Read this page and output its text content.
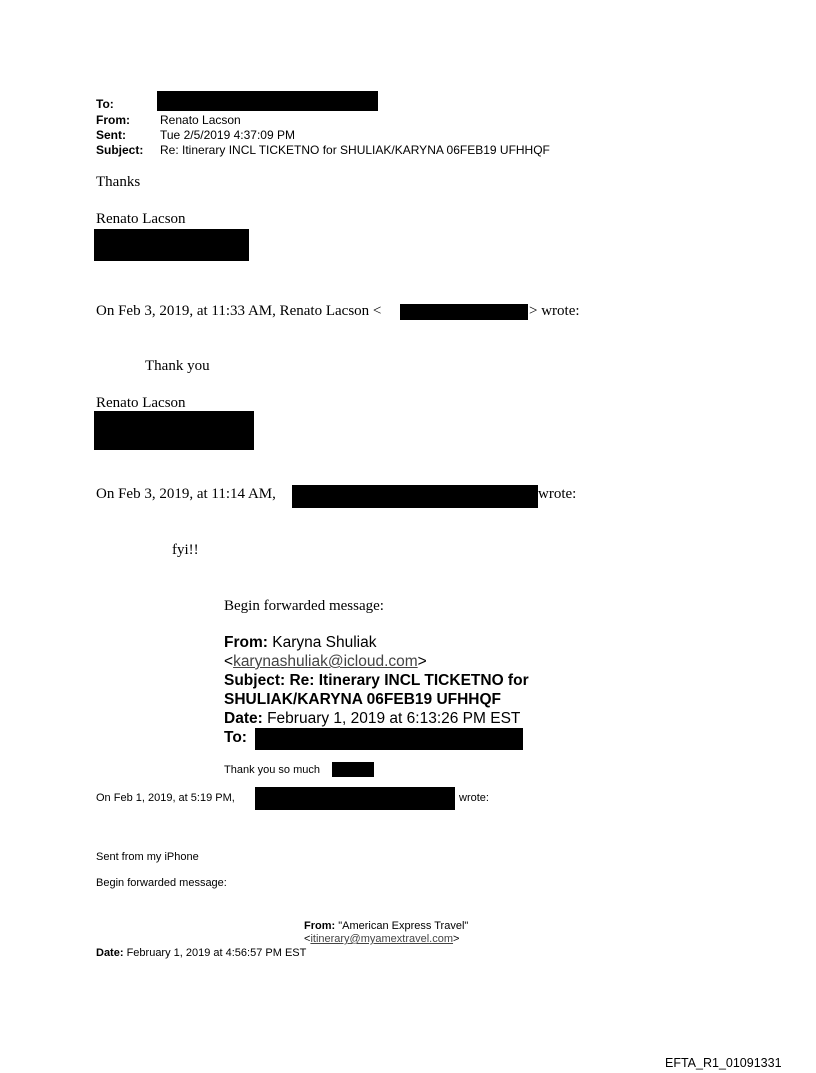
To:
From:	Renato Lacson
Sent:	Tue 2/5/2019 4:37:09 PM
Subject: Re: Itinerary INCL TICKETNO for SHULIAK/KARYNA 06FEB19 UFHHQF
Thanks
Renato Lacson
On Feb 3, 2019, at 11:33 AM, Renato Lacson <	> wrote:
Thank you
Renato Lacson
On Feb 3, 2019, at 11:14 AM,	wrote:
fyi!!
Begin forwarded message:
From: Karyna Shuliak
<karynashuliak@icloud.com>
Subject: Re: Itinerary INCL TICKETNO for
SHULIAK/KARYNA 06FEB19 UFHHQF
Date: February 1, 2019 at 6:13:26 PM EST
To:
Thank you so much
On Feb 1, 2019, at 5:19 PM,	wrote:
Sent from my iPhone
Begin forwarded message:
From: "American Express Travel"
<itinerary@myamextravel.com>
Date: February 1, 2019 at 4:56:57 PM EST
EFTA_R1_01091331
